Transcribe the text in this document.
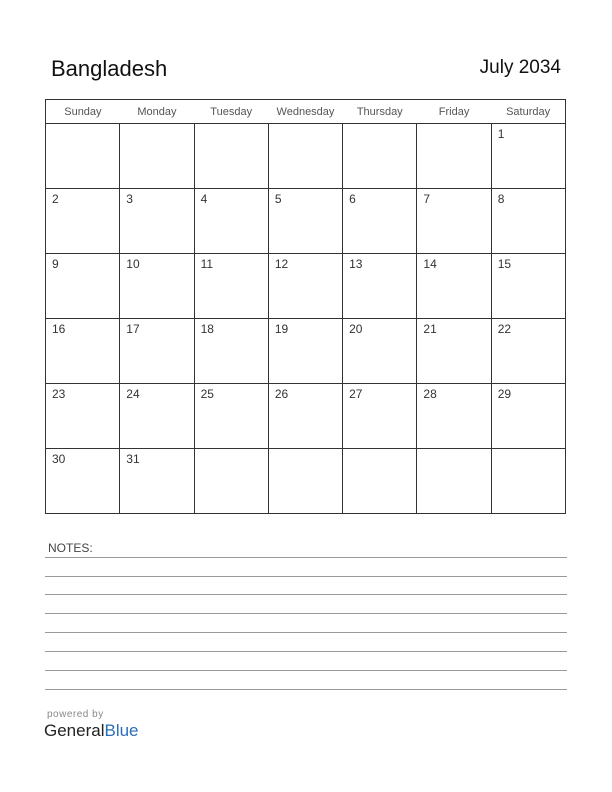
Bangladesh	July 2034
Sunday	Monday	Tuesday	Wednesday	Thursday	Friday	Saturday

						1

2	3	4	5	6	7	8

9	10	11	12	13	14	15

16	17	18	19	20	21	22

23	24	25	26	27	28	29

30	31					

NOTES:
powered by
GeneralBlue
